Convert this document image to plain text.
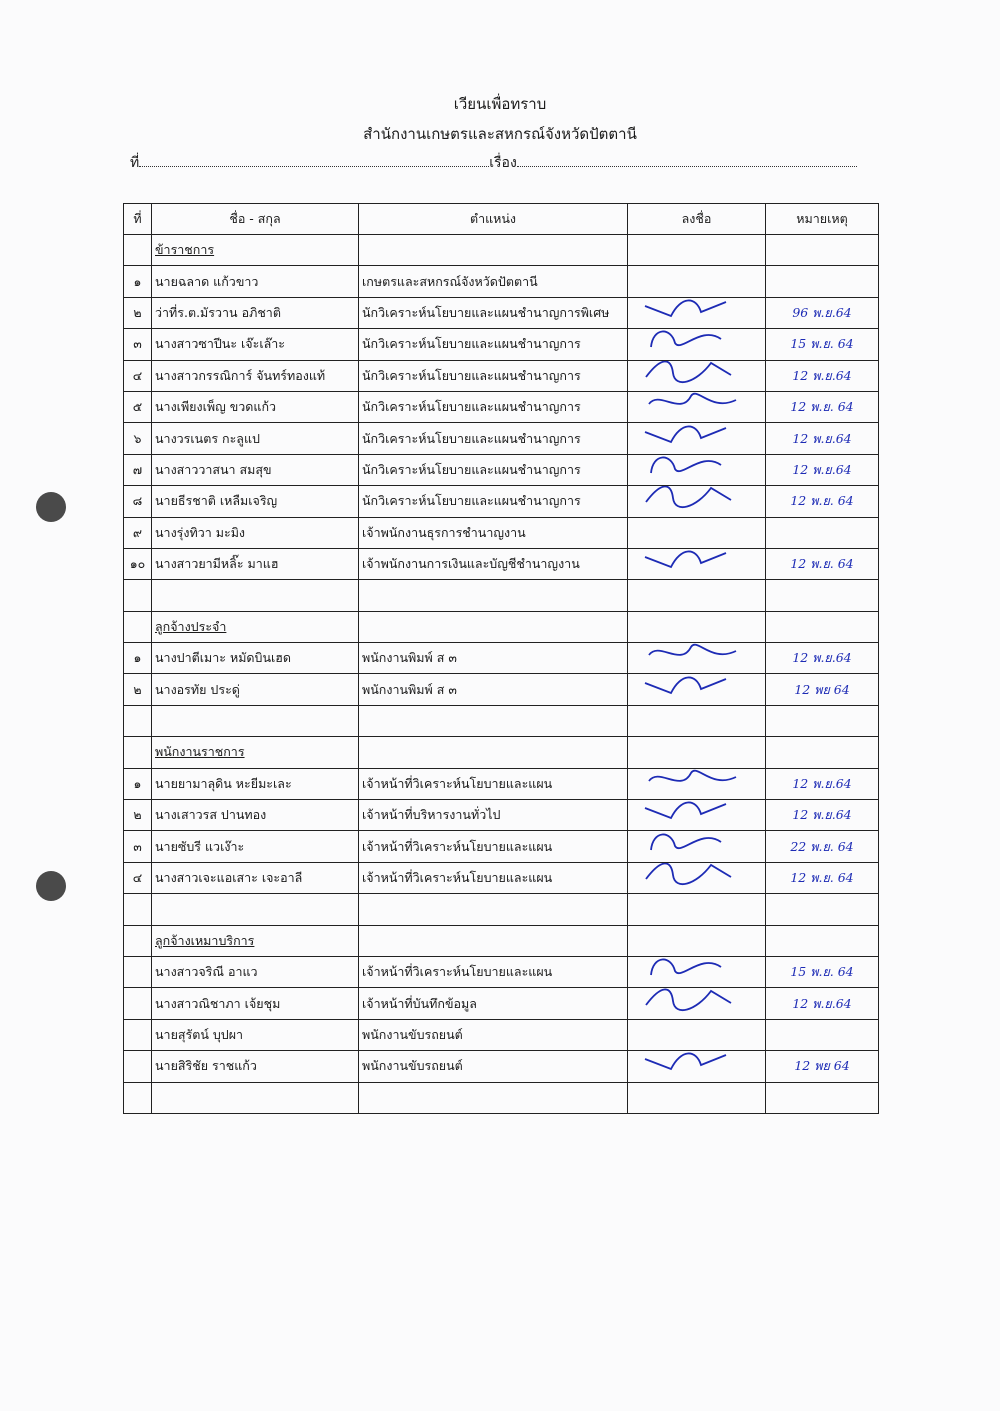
เวียนเพื่อทราบ
สำนักงานเกษตรและสหกรณ์จังหวัดปัตตานี
ที่	เรื่อง
ที่	ชื่อ - สกุล	ตำแหน่ง	ลงชื่อ	หมายเหตุ
	ข้าราชการ			
๑	นายฉลาด แก้วขาว	เกษตรและสหกรณ์จังหวัดปัตตานี	

๒	ว่าที่ร.ต.มัรวาน อภิชาติ	นักวิเคราะห์นโยบายและแผนชำนาญการพิเศษ		96 พ.ย.64
๓	นางสาวซาปีนะ เจ๊ะเล๊าะ	นักวิเคราะห์นโยบายและแผนชำนาญการ		15 พ.ย. 64
๔	นางสาวกรรณิการ์ จันทร์ทองแท้	นักวิเคราะห์นโยบายและแผนชำนาญการ		12 พ.ย.64
๕	นางเพียงเพ็ญ ขวดแก้ว	นักวิเคราะห์นโยบายและแผนชำนาญการ		12 พ.ย. 64
๖	นางวรเนตร กะลูแป	นักวิเคราะห์นโยบายและแผนชำนาญการ		12 พ.ย.64
๗	นางสาววาสนา สมสุข	นักวิเคราะห์นโยบายและแผนชำนาญการ		12 พ.ย.64
๘	นายธีรชาติ เหลืมเจริญ	นักวิเคราะห์นโยบายและแผนชำนาญการ		12 พ.ย. 64
๙	นางรุ่งทิวา มะมิง	เจ้าพนักงานธุรการชำนาญงาน	

๑๐	นางสาวยามีหลิ๊ะ มาแฮ	เจ้าพนักงานการเงินและบัญชีชำนาญงาน		12 พ.ย. 64

	ลูกจ้างประจำ			
๑	นางปาตีเมาะ หมัดบินเฮด	พนักงานพิมพ์ ส ๓		12 พ.ย.64
๒	นางอรทัย ประดู่	พนักงานพิมพ์ ส ๓		12 พย 64

	พนักงานราชการ			
๑	นายยามาลุดิน หะยีมะเละ	เจ้าหน้าที่วิเคราะห์นโยบายและแผน		12 พ.ย.64
๒	นางเสาวรส ปานทอง	เจ้าหน้าที่บริหารงานทั่วไป		12 พ.ย.64
๓	นายซับรี แวเง๊าะ	เจ้าหน้าที่วิเคราะห์นโยบายและแผน		22 พ.ย. 64
๔	นางสาวเจะแอเสาะ เจะอาลี	เจ้าหน้าที่วิเคราะห์นโยบายและแผน		12 พ.ย. 64

	ลูกจ้างเหมาบริการ			
	นางสาวจริณี อาแว	เจ้าหน้าที่วิเคราะห์นโยบายและแผน		15 พ.ย. 64
	นางสาวณิชาภา เจ้ยชุม	เจ้าหน้าที่บันทึกข้อมูล		12 พ.ย.64
	นายสุรัตน์ บุปผา	พนักงานขับรถยนต์	

	นายสิริชัย ราชแก้ว	พนักงานขับรถยนต์		12 พย 64
